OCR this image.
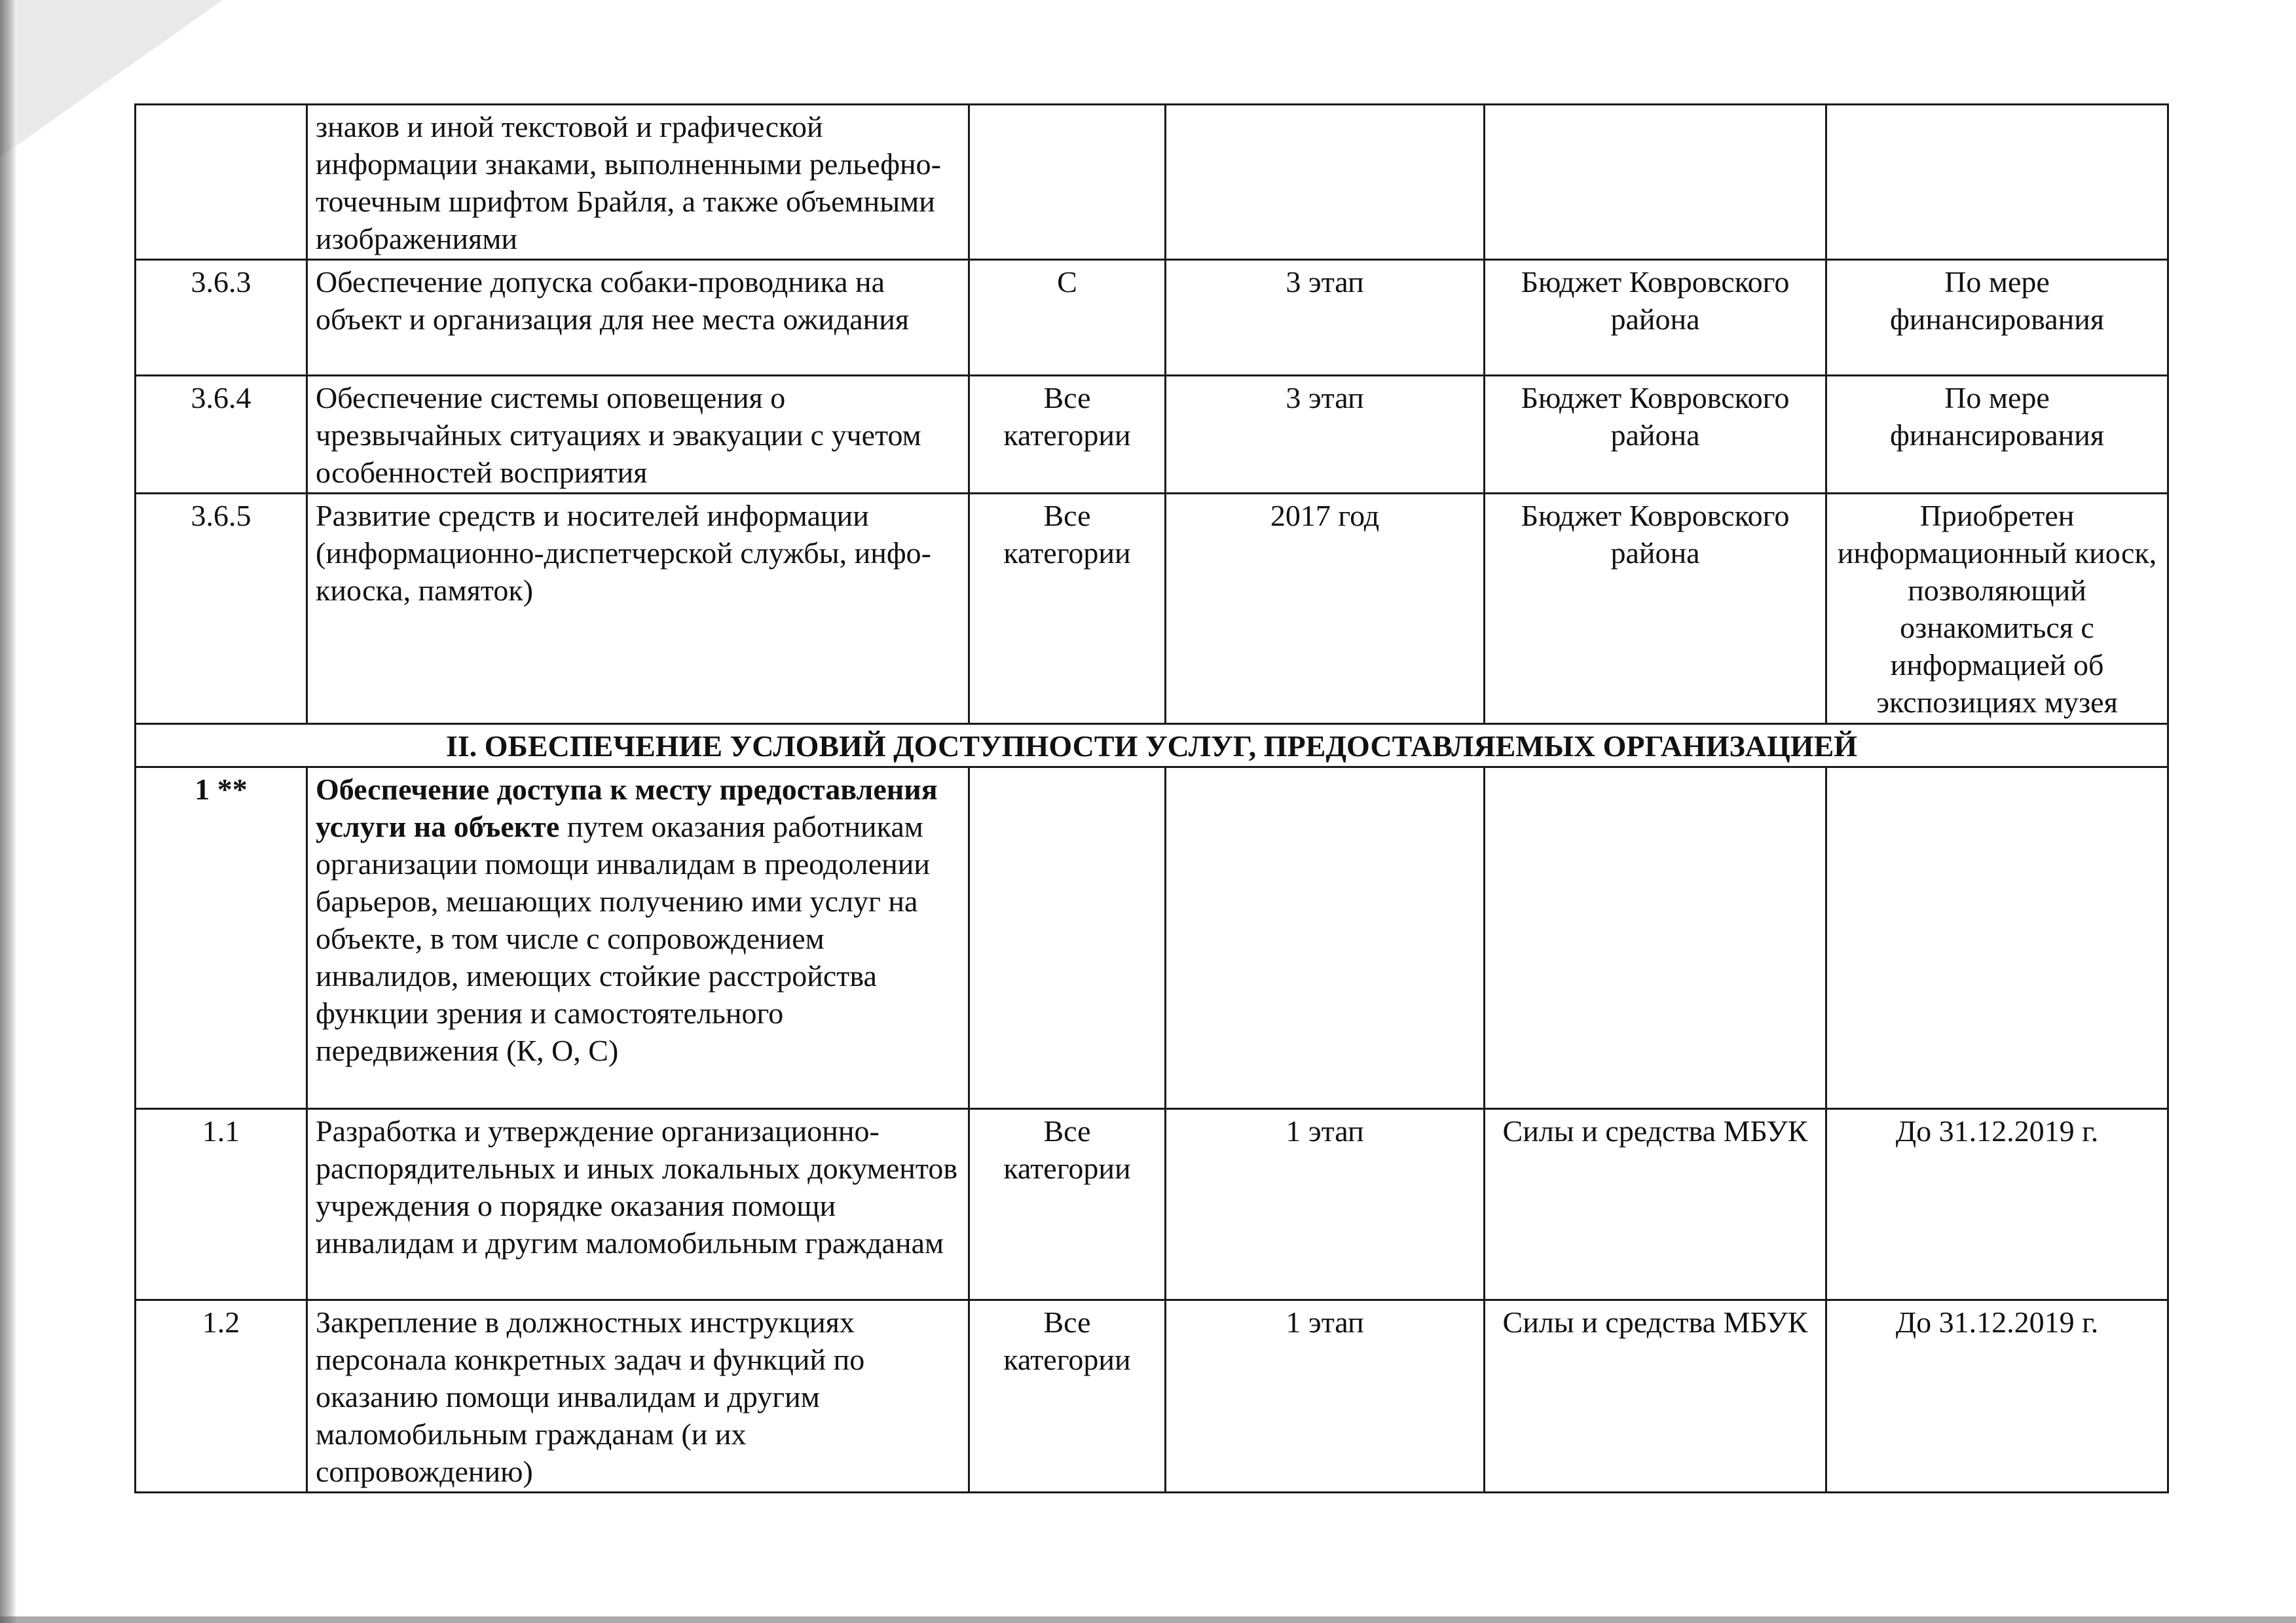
	знаков и иной текстовой и графической информации знаками, выполненными рельефно-точечным шрифтом Брайля, а также объемными изображениями				
3.6.3	Обеспечение допуска собаки-проводника на объект и организация для нее места ожидания	С	3 этап	Бюджет Ковровского района	По мере финансирования
3.6.4	Обеспечение системы оповещения о чрезвычайных ситуациях и эвакуации с учетом особенностей восприятия	Все категории	3 этап	Бюджет Ковровского района	По мере финансирования
3.6.5	Развитие средств и носителей информации (информационно-диспетчерской службы, инфо-киоска, памяток)	Все категории	2017 год	Бюджет Ковровского района	Приобретен информационный киоск, позволяющий ознакомиться с информацией об экспозициях музея
II. ОБЕСПЕЧЕНИЕ УСЛОВИЙ ДОСТУПНОСТИ УСЛУГ, ПРЕДОСТАВЛЯЕМЫХ ОРГАНИЗАЦИЕЙ					
1 **	Обеспечение доступа к месту предоставления услуги на объекте путем оказания работникам организации помощи инвалидам в преодолении барьеров, мешающих получению ими услуг на объекте, в том числе с сопровождением инвалидов, имеющих стойкие расстройства функции зрения и самостоятельного передвижения (К, О, С)				
1.1	Разработка и утверждение организационно-распорядительных и иных локальных документов учреждения о порядке оказания помощи инвалидам и другим маломобильным гражданам	Все категории	1 этап	Силы и средства МБУК	До 31.12.2019 г.
1.2	Закрепление в должностных инструкциях персонала конкретных задач и функций по оказанию помощи инвалидам и другим маломобильным гражданам (и их сопровождению)	Все категории	1 этап	Силы и средства МБУК	До 31.12.2019 г.
